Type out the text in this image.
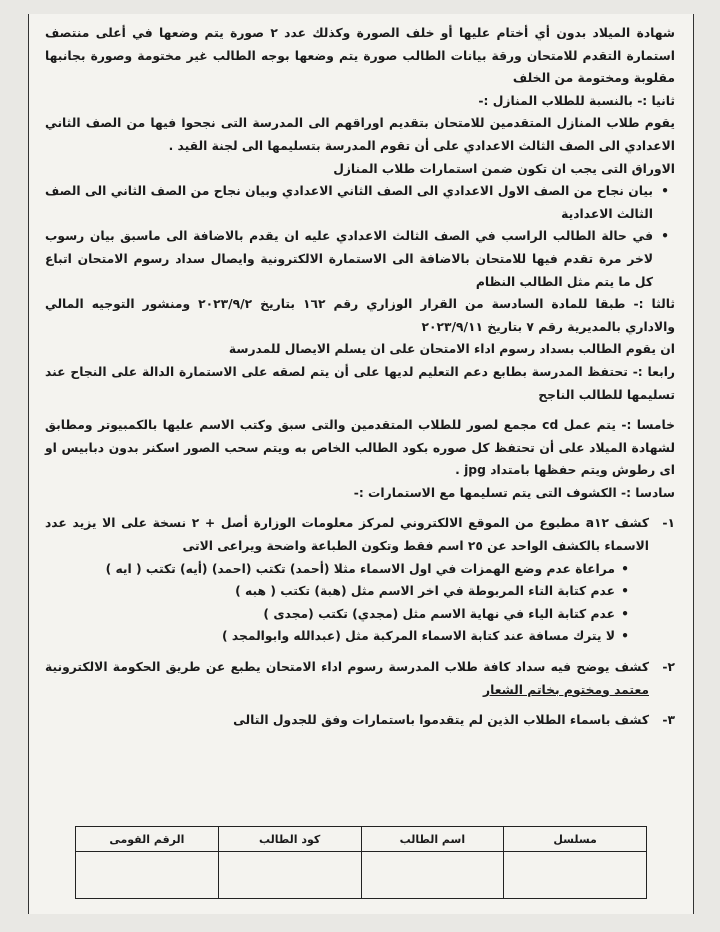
شهادة الميلاد بدون أي أختام عليها أو خلف الصورة وكذلك عدد ٢ صورة يتم وضعها في أعلى منتصف استمارة التقدم للامتحان ورقة بيانات الطالب صورة يتم وضعها بوجه الطالب غير مختومة وصورة بجانبها مقلوبة ومختومة من الخلف

ثانيا :- بالنسبة للطلاب المنازل :-

يقوم طلاب المنازل المتقدمين للامتحان بتقديم اوراقهم الى المدرسة التى نجحوا فيها من الصف الثاني الاعدادي الى الصف الثالث الاعدادي على أن تقوم المدرسة بتسليمها الى لجنة القيد .

الاوراق التى يجب ان تكون ضمن استمارات طلاب المنازل

• بيان نجاح من الصف الاول الاعدادي الى الصف الثاني الاعدادي وبيان نجاح من الصف الثاني الى الصف الثالث الاعدادية
• في حالة الطالب الراسب في الصف الثالث الاعدادي عليه ان يقدم بالاضافة الى ماسبق بيان رسوب لاخر مرة تقدم فيها للامتحان بالاضافة الى الاستمارة الالكترونية وايصال سداد رسوم الامتحان اتباع كل ما يتم مثل الطالب النظام

ثالثا :- طبقا للمادة السادسة من القرار الوزاري رقم ١٦٢ بتاريخ ٢٠٢٣/٩/٢ ومنشور التوجيه المالي والاداري بالمديرية رقم ٧ بتاريخ ٢٠٢٣/٩/١١

ان يقوم الطالب بسداد رسوم اداء الامتحان على ان يسلم الايصال للمدرسة

رابعا :- تحتفظ المدرسة بطابع دعم التعليم لديها على أن يتم لصقه على الاستمارة الدالة على النجاح عند تسليمها للطالب الناجح

خامسا :- يتم عمل cd مجمع لصور للطلاب المتقدمين والتى سبق وكتب الاسم عليها بالكمبيوتر ومطابق لشهادة الميلاد على أن تحتفظ كل صوره بكود الطالب الخاص به ويتم سحب الصور اسكنر بدون دبابيس او اى رطوش ويتم حفظها بامتداد jpg .

سادسا :- الكشوف التى يتم تسليمها مع الاستمارات :-

١-
كشف a١٢ مطبوع من الموقع الالكتروني لمركز معلومات الوزارة أصل + ٢ نسخة على الا يزيد عدد الاسماء بالكشف الواحد عن ٢٥ اسم فقط وتكون الطباعة واضحة ويراعى الاتى
• مراعاة عدم وضع الهمزات في اول الاسماء مثلا (أحمد) تكتب (احمد) (أيه) تكتب ( ايه )
• عدم كتابة التاء المربوطة في اخر الاسم مثل (هبة) تكتب ( هبه )
• عدم كتابة الياء في نهاية الاسم مثل (مجدي) تكتب (مجدى )
• لا يترك مسافة عند كتابة الاسماء المركبة مثل (عبدالله وابوالمجد )
٢-
كشف يوضح فيه سداد كافة طلاب المدرسة رسوم اداء الامتحان يطبع عن طريق الحكومة الالكترونية معتمد ومختوم بخاتم الشعار
٣-
كشف باسماء الطلاب الذين لم يتقدموا باستمارات وفق للجدول التالى
مسلسل	اسم الطالب	كود الطالب	الرقم القومى
